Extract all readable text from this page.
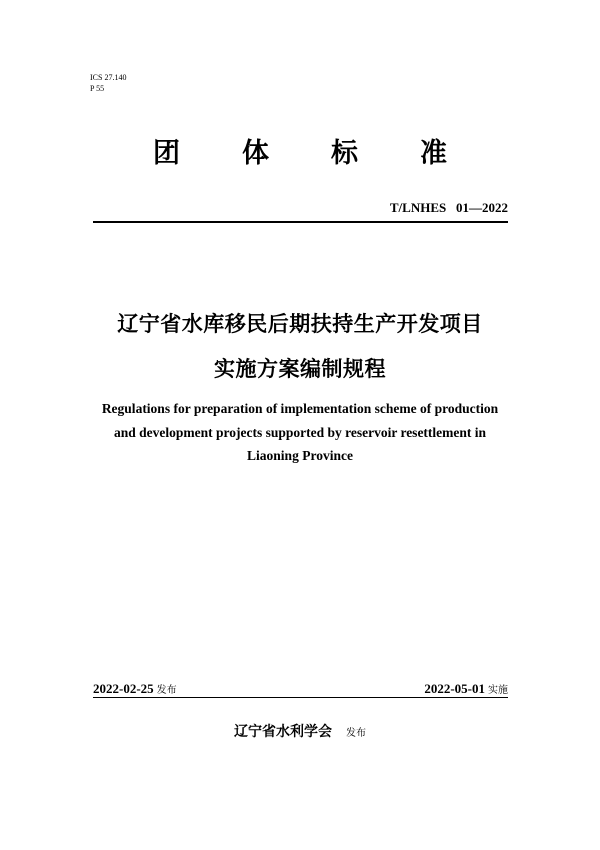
ICS 27.140
P 55
团 体 标 准
T/LNHES   01—2022
辽宁省水库移民后期扶持生产开发项目
实施方案编制规程
Regulations for preparation of implementation scheme of production
and development projects supported by reservoir resettlement in
Liaoning Province
2022-02-25 发布	2022-05-01 实施
辽宁省水利学会 发布
